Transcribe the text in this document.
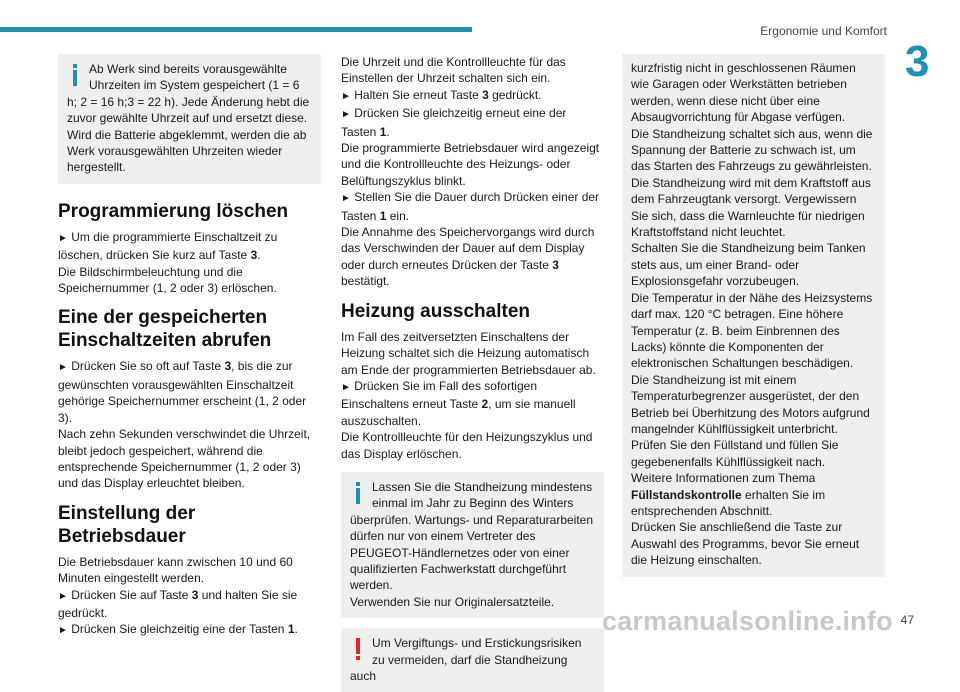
Ergonomie und Komfort
3

Ab Werk sind bereits vorausgewählte Uhrzeiten im System gespeichert (1 = 6 h; 2 = 16 h;3 = 22 h). Jede Änderung hebt die zuvor gewählte Uhrzeit auf und ersetzt diese. Wird die Batterie abgeklemmt, werden die ab Werk vorausgewählten Uhrzeiten wieder hergestellt.

Programmierung löschen

► Um die programmierte Einschaltzeit zu löschen, drücken Sie kurz auf Taste 3.

Die Bildschirmbeleuchtung und die Speichernummer (1, 2 oder 3) erlöschen.

Eine der gespeicherten Einschaltzeiten abrufen

► Drücken Sie so oft auf Taste 3, bis die zur gewünschten vorausgewählten Einschaltzeit gehörige Speichernummer erscheint (1, 2 oder 3).

Nach zehn Sekunden verschwindet die Uhrzeit, bleibt jedoch gespeichert, während die entsprechende Speichernummer (1, 2 oder 3) und das Display erleuchtet bleiben.

Einstellung der Betriebsdauer

Die Betriebsdauer kann zwischen 10 und 60 Minuten eingestellt werden.

► Drücken Sie auf Taste 3 und halten Sie sie gedrückt.

► Drücken Sie gleichzeitig eine der Tasten 1.

Die Uhrzeit und die Kontrollleuchte für das Einstellen der Uhrzeit schalten sich ein.

► Halten Sie erneut Taste 3 gedrückt.

► Drücken Sie gleichzeitig erneut eine der Tasten 1.

Die programmierte Betriebsdauer wird angezeigt und die Kontrollleuchte des Heizungs- oder Belüftungszyklus blinkt.

► Stellen Sie die Dauer durch Drücken einer der Tasten 1 ein.

Die Annahme des Speichervorgangs wird durch das Verschwinden der Dauer auf dem Display oder durch erneutes Drücken der Taste 3 bestätigt.

Heizung ausschalten

Im Fall des zeitversetzten Einschaltens der Heizung schaltet sich die Heizung automatisch am Ende der programmierten Betriebsdauer ab.

► Drücken Sie im Fall des sofortigen Einschaltens erneut Taste 2, um sie manuell auszuschalten.

Die Kontrollleuchte für den Heizungszyklus und das Display erlöschen.

Lassen Sie die Standheizung mindestens einmal im Jahr zu Beginn des Winters überprüfen. Wartungs- und Reparaturarbeiten dürfen nur von einem Vertreter des PEUGEOT-Händlernetzes oder von einer qualifizierten Fachwerkstatt durchgeführt werden.

Verwenden Sie nur Originalersatzteile.

Um Vergiftungs- und Erstickungsrisiken zu vermeiden, darf die Standheizung auch

kurzfristig nicht in geschlossenen Räumen wie Garagen oder Werkstätten betrieben werden, wenn diese nicht über eine Absaugvorrichtung für Abgase verfügen.

Die Standheizung schaltet sich aus, wenn die Spannung der Batterie zu schwach ist, um das Starten des Fahrzeugs zu gewährleisten.

Die Standheizung wird mit dem Kraftstoff aus dem Fahrzeugtank versorgt. Vergewissern Sie sich, dass die Warnleuchte für niedrigen Kraftstoffstand nicht leuchtet.

Schalten Sie die Standheizung beim Tanken stets aus, um einer Brand- oder Explosionsgefahr vorzubeugen.

Die Temperatur in der Nähe des Heizsystems darf max. 120 °C betragen. Eine höhere Temperatur (z. B. beim Einbrennen des Lacks) könnte die Komponenten der elektronischen Schaltungen beschädigen.

Die Standheizung ist mit einem Temperaturbegrenzer ausgerüstet, der den Betrieb bei Überhitzung des Motors aufgrund mangelnder Kühlflüssigkeit unterbricht. Prüfen Sie den Füllstand und füllen Sie gegebenenfalls Kühlflüssigkeit nach.

Weitere Informationen zum Thema Füllstandskontrolle erhalten Sie im entsprechenden Abschnitt.

Drücken Sie anschließend die Taste zur Auswahl des Programms, bevor Sie erneut die Heizung einschalten.

carmanualsonline.info 47
